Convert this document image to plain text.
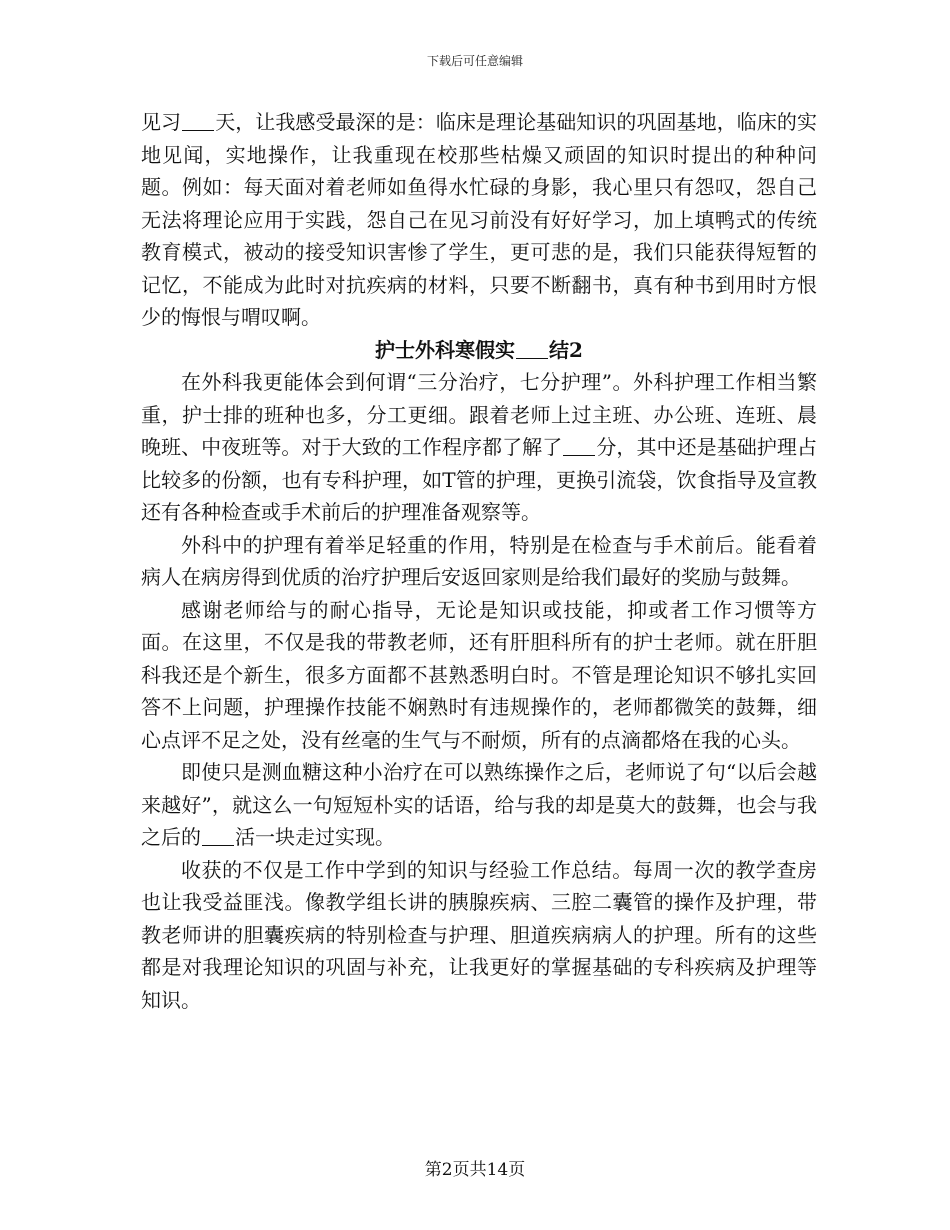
下载后可任意编辑

见习 天，让我感受最深的是：临床是理论基础知识的巩固基地，临床的实地见闻，实地操作，让我重现在校那些枯燥又顽固的知识时提出的种种问题。例如：每天面对着老师如鱼得水忙碌的身影，我心里只有怨叹，怨自己无法将理论应用于实践，怨自己在见习前没有好好学习，加上填鸭式的传统教育模式，被动的接受知识害惨了学生，更可悲的是，我们只能获得短暂的记忆，不能成为此时对抗疾病的材料，只要不断翻书，真有种书到用时方恨少的悔恨与喟叹啊。

护士外科寒假实 结2

在外科我更能体会到何谓“三分治疗，七分护理”。外科护理工作相当繁重，护士排的班种也多，分工更细。跟着老师上过主班、办公班、连班、晨晚班、中夜班等。对于大致的工作程序都了解了 分，其中还是基础护理占比较多的份额，也有专科护理，如T管的护理，更换引流袋，饮食指导及宣教还有各种检查或手术前后的护理准备观察等。

外科中的护理有着举足轻重的作用，特别是在检查与手术前后。能看着病人在病房得到优质的治疗护理后安返回家则是给我们最好的奖励与鼓舞。

感谢老师给与的耐心指导，无论是知识或技能，抑或者工作习惯等方面。在这里，不仅是我的带教老师，还有肝胆科所有的护士老师。就在肝胆科我还是个新生，很多方面都不甚熟悉明白时。不管是理论知识不够扎实回答不上问题，护理操作技能不娴熟时有违规操作的，老师都微笑的鼓舞，细心点评不足之处，没有丝毫的生气与不耐烦，所有的点滴都烙在我的心头。

即使只是测血糖这种小治疗在可以熟练操作之后，老师说了句“以后会越来越好”，就这么一句短短朴实的话语，给与我的却是莫大的鼓舞，也会与我之后的 活一块走过实现。

收获的不仅是工作中学到的知识与经验工作总结。每周一次的教学查房也让我受益匪浅。像教学组长讲的胰腺疾病、三腔二囊管的操作及护理，带教老师讲的胆囊疾病的特别检查与护理、胆道疾病病人的护理。所有的这些都是对我理论知识的巩固与补充，让我更好的掌握基础的专科疾病及护理等知识。

第2页共14页
